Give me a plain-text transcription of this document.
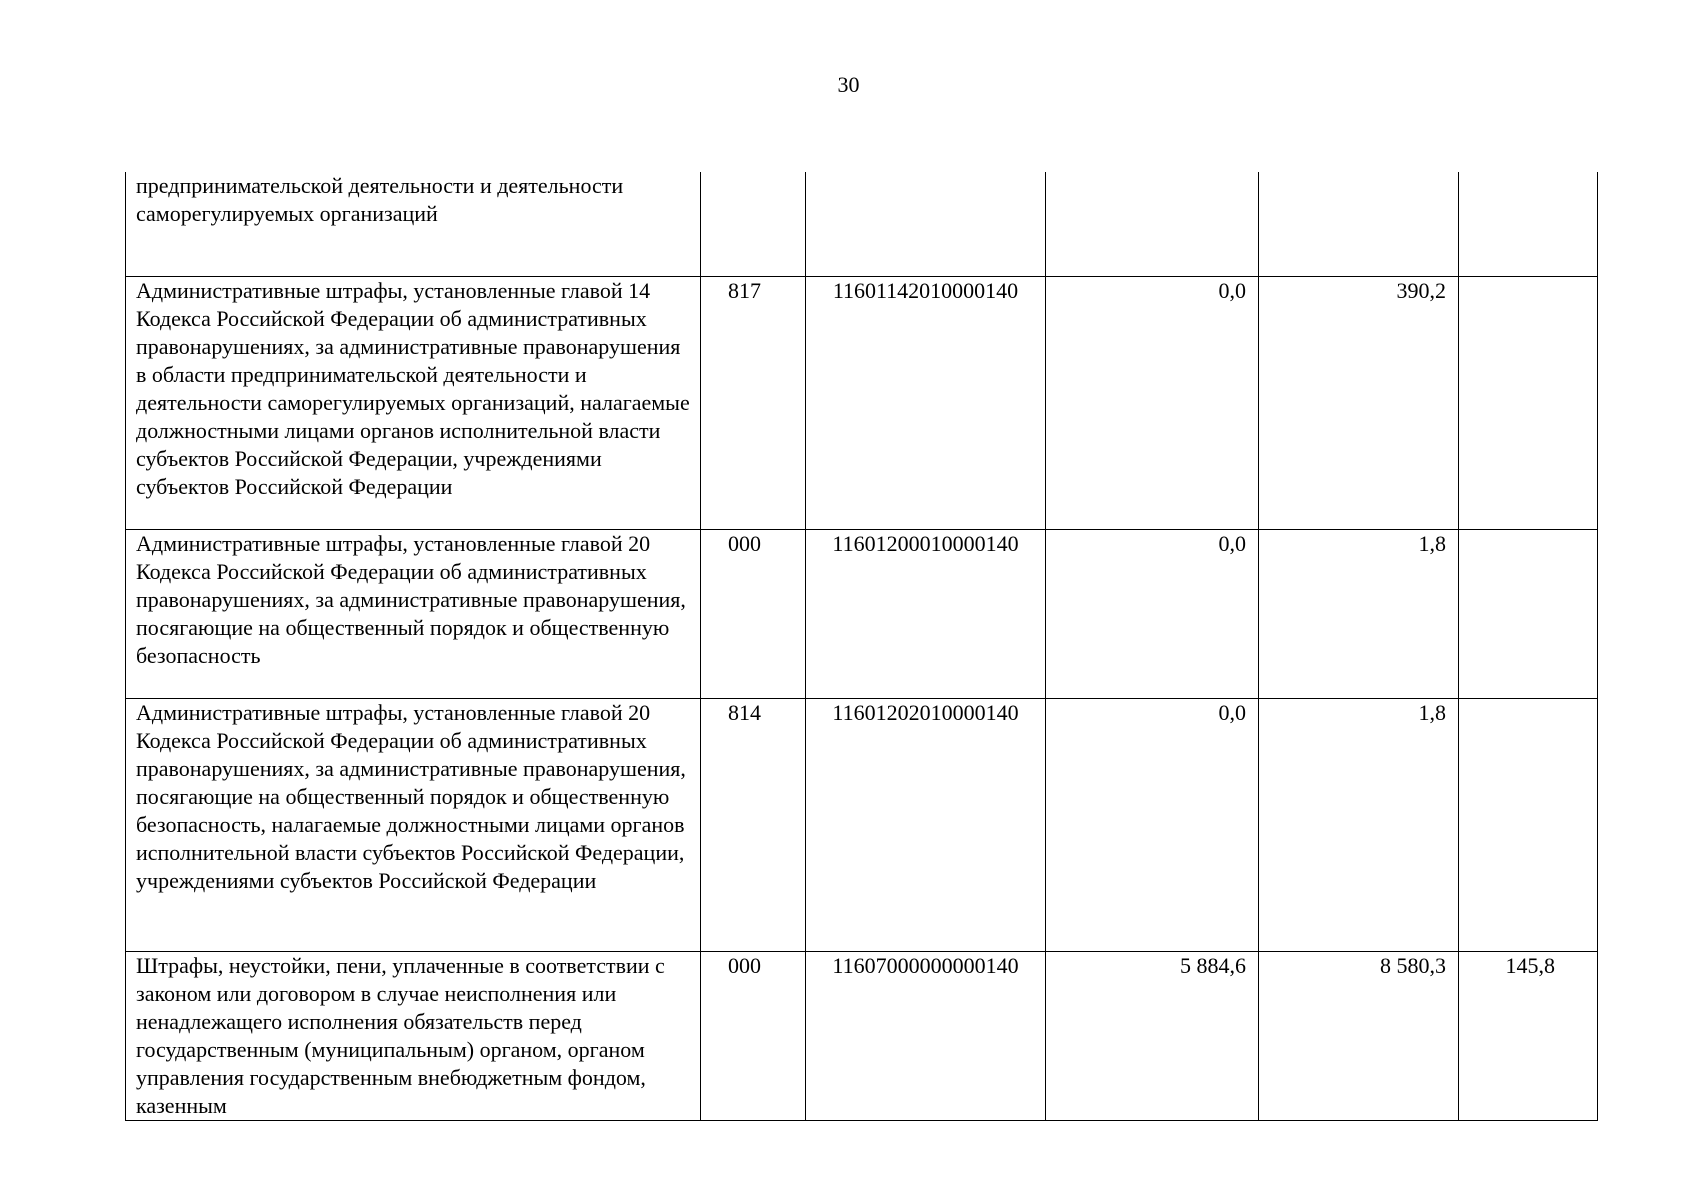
30
предпринимательской деятельности и деятельности саморегулируемых организаций					

Административные штрафы, установленные главой 14 Кодекса Российской Федерации об административных правонарушениях, за административные правонарушения в области предпринимательской деятельности и деятельности саморегулируемых организаций, налагаемые должностными лицами органов исполнительной власти субъектов Российской Федерации, учреждениями субъектов Российской Федерации	817	11601142010000140	0,0	390,2	

Административные штрафы, установленные главой 20 Кодекса Российской Федерации об административных правонарушениях, за административные правонарушения, посягающие на общественный порядок и общественную безопасность	000	11601200010000140	0,0	1,8	

Административные штрафы, установленные главой 20 Кодекса Российской Федерации об административных правонарушениях, за административные правонарушения, посягающие на общественный порядок и общественную безопасность, налагаемые должностными лицами органов исполнительной власти субъектов Российской Федерации, учреждениями субъектов Российской Федерации	814	11601202010000140	0,0	1,8	

Штрафы, неустойки, пени, уплаченные в соответствии с законом или договором в случае неисполнения или ненадлежащего исполнения обязательств перед государственным (муниципальным) органом, органом управления государственным внебюджетным фондом, казенным	000	11607000000000140	5 884,6	8 580,3	145,8
